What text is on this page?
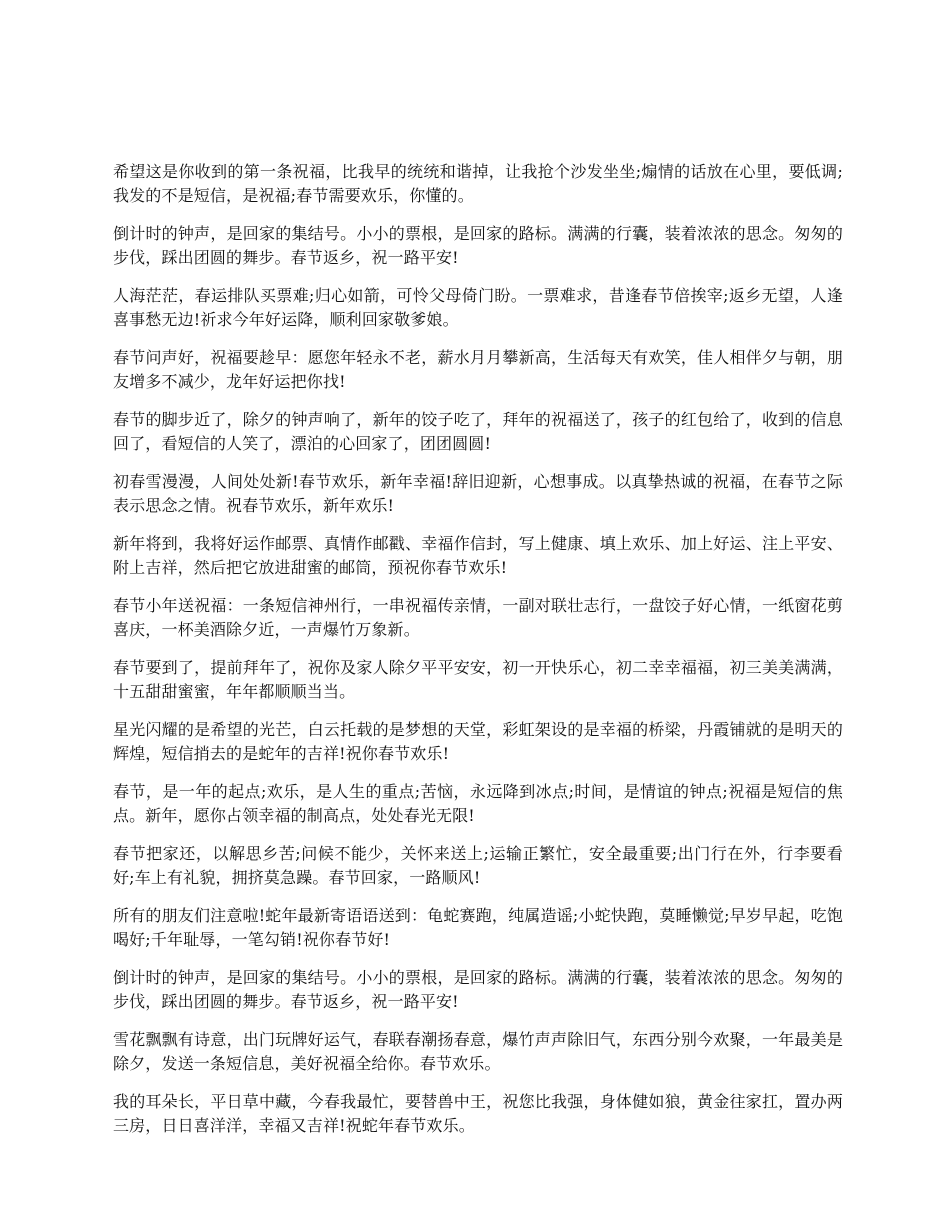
希望这是你收到的第一条祝福，比我早的统统和谐掉，让我抢个沙发坐坐;煽情的话放在心里，要低调;我发的不是短信，是祝福;春节需要欢乐，你懂的。

倒计时的钟声，是回家的集结号。小小的票根，是回家的路标。满满的行囊，装着浓浓的思念。匆匆的步伐，踩出团圆的舞步。春节返乡，祝一路平安!

人海茫茫，春运排队买票难;归心如箭，可怜父母倚门盼。一票难求，昔逢春节倍挨宰;返乡无望，人逢喜事愁无边!祈求今年好运降，顺利回家敬爹娘。

春节问声好，祝福要趁早：愿您年轻永不老，薪水月月攀新高，生活每天有欢笑，佳人相伴夕与朝，朋友增多不减少，龙年好运把你找!

春节的脚步近了，除夕的钟声响了，新年的饺子吃了，拜年的祝福送了，孩子的红包给了，收到的信息回了，看短信的人笑了，漂泊的心回家了，团团圆圆!

初春雪漫漫，人间处处新!春节欢乐，新年幸福!辞旧迎新，心想事成。以真挚热诚的祝福，在春节之际表示思念之情。祝春节欢乐，新年欢乐!

新年将到，我将好运作邮票、真情作邮戳、幸福作信封，写上健康、填上欢乐、加上好运、注上平安、附上吉祥，然后把它放进甜蜜的邮筒，预祝你春节欢乐!

春节小年送祝福：一条短信神州行，一串祝福传亲情，一副对联壮志行，一盘饺子好心情，一纸窗花剪喜庆，一杯美酒除夕近，一声爆竹万象新。

春节要到了，提前拜年了，祝你及家人除夕平平安安，初一开快乐心，初二幸幸福福，初三美美满满，十五甜甜蜜蜜，年年都顺顺当当。

星光闪耀的是希望的光芒，白云托载的是梦想的天堂，彩虹架设的是幸福的桥梁，丹霞铺就的是明天的辉煌，短信捎去的是蛇年的吉祥!祝你春节欢乐!

春节，是一年的起点;欢乐，是人生的重点;苦恼，永远降到冰点;时间，是情谊的钟点;祝福是短信的焦点。新年，愿你占领幸福的制高点，处处春光无限!

春节把家还，以解思乡苦;问候不能少，关怀来送上;运输正繁忙，安全最重要;出门行在外，行李要看好;车上有礼貌，拥挤莫急躁。春节回家，一路顺风!

所有的朋友们注意啦!蛇年最新寄语语送到：龟蛇赛跑，纯属造谣;小蛇快跑，莫睡懒觉;早岁早起，吃饱喝好;千年耻辱，一笔勾销!祝你春节好!

倒计时的钟声，是回家的集结号。小小的票根，是回家的路标。满满的行囊，装着浓浓的思念。匆匆的步伐，踩出团圆的舞步。春节返乡，祝一路平安!

雪花飘飘有诗意，出门玩牌好运气，春联春潮扬春意，爆竹声声除旧气，东西分别今欢聚，一年最美是除夕，发送一条短信息，美好祝福全给你。春节欢乐。

我的耳朵长，平日草中藏，今春我最忙，要替兽中王，祝您比我强，身体健如狼，黄金往家扛，置办两三房，日日喜洋洋，幸福又吉祥!祝蛇年春节欢乐。
